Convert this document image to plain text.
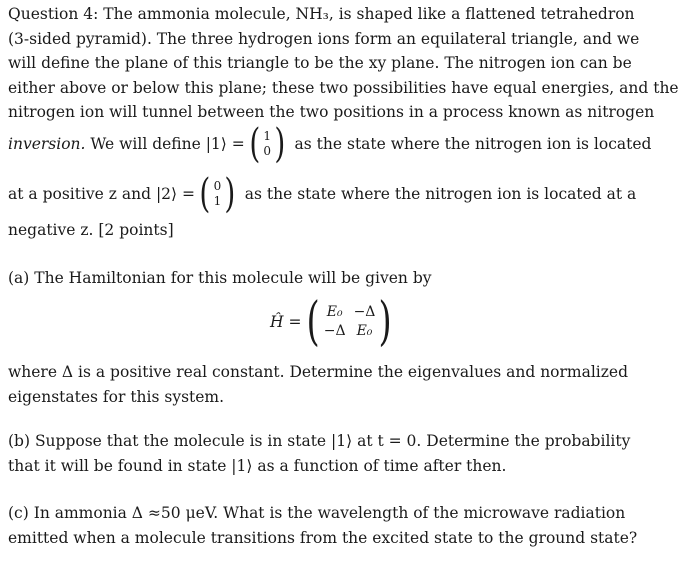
Question 4: The ammonia molecule, NH₃, is shaped like a flattened tetrahedron
(3-sided pyramid). The three hydrogen ions form an equilateral triangle, and we
will define the plane of this triangle to be the xy plane. The nitrogen ion can be
either above or below this plane; these two possibilities have equal energies, and the
nitrogen ion will tunnel between the two positions in a process known as nitrogen
inversion. We will define |1⟩ = ( 1
0 ) as the state where the nitrogen ion is located
at a positive z and |2⟩ = ( 0
1 ) as the state where the nitrogen ion is located at a
negative z. [2 points]
(a) The Hamiltonian for this molecule will be given by
Ĥ = ( E₀ −Δ
−Δ E₀ )
where Δ is a positive real constant. Determine the eigenvalues and normalized
eigenstates for this system.
(b) Suppose that the molecule is in state |1⟩ at t = 0. Determine the probability
that it will be found in state |1⟩ as a function of time after then.
(c) In ammonia Δ ≈50 μeV. What is the wavelength of the microwave radiation
emitted when a molecule transitions from the excited state to the ground state?
